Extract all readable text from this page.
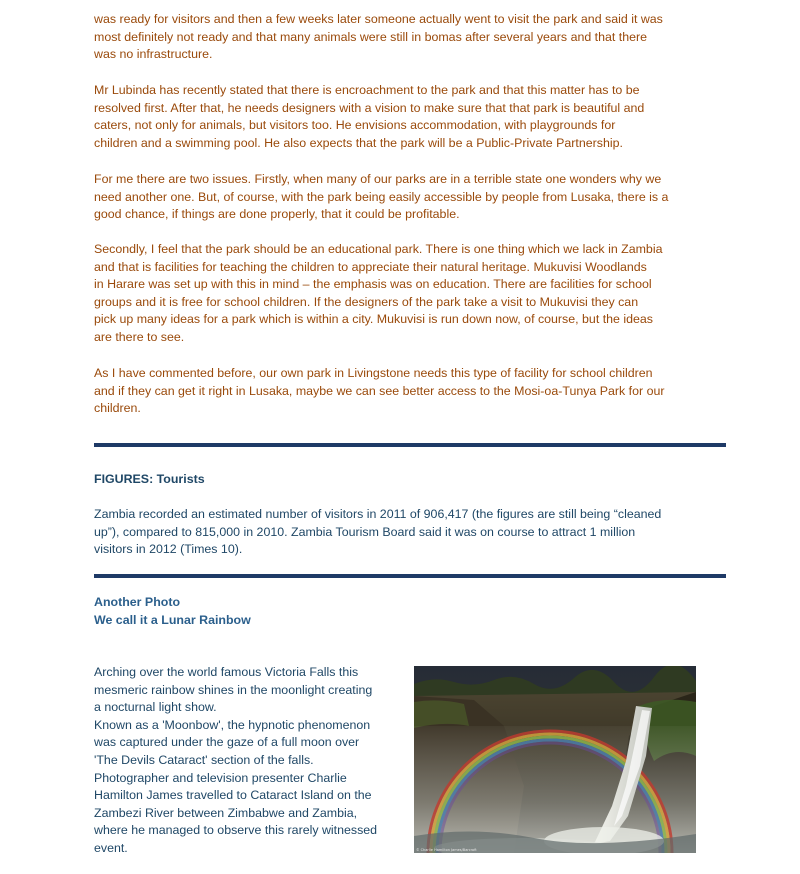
was ready for visitors and then a few weeks later someone actually went to visit the park and said it was
most definitely not ready and that many animals were still in bomas after several years and that there
was no infrastructure.

Mr Lubinda has recently stated that there is encroachment to the park and that this matter has to be
resolved first. After that, he needs designers with a vision to make sure that that park is beautiful and
caters, not only for animals, but visitors too. He envisions accommodation, with playgrounds for
children and a swimming pool. He also expects that the park will be a Public-Private Partnership.

For me there are two issues. Firstly, when many of our parks are in a terrible state one wonders why we
need another one. But, of course, with the park being easily accessible by people from Lusaka, there is a
good chance, if things are done properly, that it could be profitable.

Secondly, I feel that the park should be an educational park. There is one thing which we lack in Zambia
and that is facilities for teaching the children to appreciate their natural heritage. Mukuvisi Woodlands
in Harare was set up with this in mind – the emphasis was on education. There are facilities for school
groups and it is free for school children. If the designers of the park take a visit to Mukuvisi they can
pick up many ideas for a park which is within a city. Mukuvisi is run down now, of course, but the ideas
are there to see.

As I have commented before, our own park in Livingstone needs this type of facility for school children
and if they can get it right in Lusaka, maybe we can see better access to the Mosi-oa-Tunya Park for our
children.

FIGURES: Tourists

Zambia recorded an estimated number of visitors in 2011 of 906,417 (the figures are still being “cleaned
up”), compared to 815,000 in 2010. Zambia Tourism Board said it was on course to attract 1 million
visitors in 2012 (Times 10).

Another Photo
We call it a Lunar Rainbow

Arching over the world famous Victoria Falls this
mesmeric rainbow shines in the moonlight creating
a nocturnal light show.
Known as a 'Moonbow', the hypnotic phenomenon
was captured under the gaze of a full moon over
'The Devils Cataract' section of the falls.
Photographer and television presenter Charlie
Hamilton James travelled to Cataract Island on the
Zambezi River between Zimbabwe and Zambia,
where he managed to observe this rarely witnessed
event.	© Charlie Hamilton James/Barcroft
